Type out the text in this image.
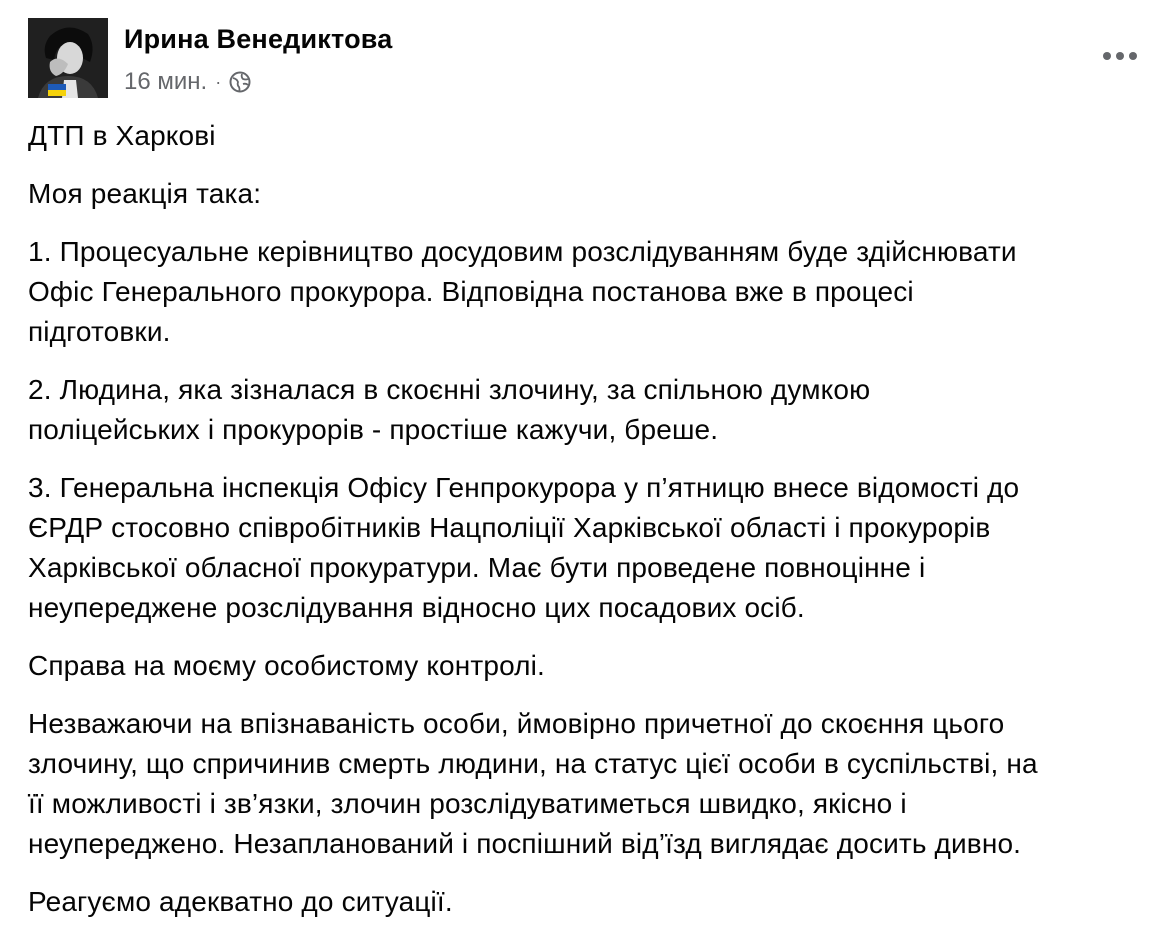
Ирина Венедиктова
16 мин. ·

ДТП в Харкові

Моя реакція така:

1. Процесуальне керівництво досудовим розслідуванням буде здійснювати
Офіс Генерального прокурора. Відповідна постанова вже в процесі
підготовки.

2. Людина, яка зізналася в скоєнні злочину, за спільною думкою
поліцейських і прокурорів - простіше кажучи, бреше.

3. Генеральна інспекція Офісу Генпрокурора у п’ятницю внесе відомості до
ЄРДР стосовно співробітників Нацполіції Харківської області і прокурорів
Харківської обласної прокуратури. Має бути проведене повноцінне і
неупереджене розслідування відносно цих посадових осіб.

Справа на моєму особистому контролі.

Незважаючи на впізнаваність особи, ймовірно причетної до скоєння цього
злочину, що спричинив смерть людини, на статус цієї особи в суспільстві, на
її можливості і зв’язки, злочин розслідуватиметься швидко, якісно і
неупереджено. Незапланований і поспішний від’їзд виглядає досить дивно.

Реагуємо адекватно до ситуації.
